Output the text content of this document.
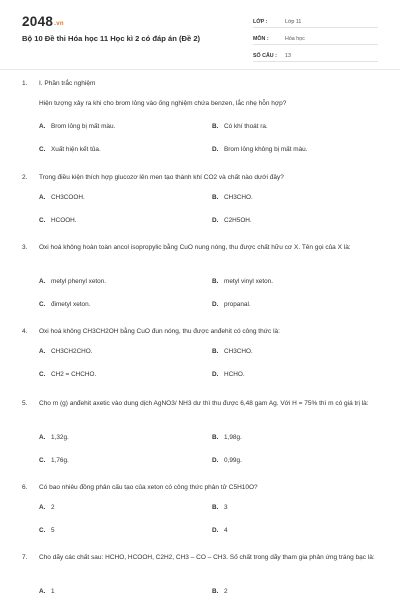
2048.vn
Bộ 10 Đề thi Hóa học 11 Học kì 2 có đáp án (Đề 2)
LỚP :	Lớp 11
MÔN :	Hóa học
SỐ CÂU :	13
1. I. Phần trắc nghiệm
Hiện tượng xảy ra khi cho brom lỏng vào ống nghiệm chứa benzen, lắc nhẹ hỗn hợp?
A. Brom lỏng bị mất màu.	B. Có khí thoát ra.
C. Xuất hiện kết tủa.	D. Brom lỏng không bị mất màu.
2. Trong điều kiện thích hợp glucozơ lên men tạo thành khí CO2 và chất nào dưới đây?
A. CH3COOH.	B. CH3CHO.
C. HCOOH.	D. C2H5OH.
3. Oxi hoá không hoàn toàn ancol isopropylic bằng CuO nung nóng, thu được chất hữu cơ X. Tên gọi của X là:
A. metyl phenyl xeton.	B. metyl vinyl xeton.
C. đimetyl xeton.	D. propanal.
4. Oxi hoá không CH3CH2OH bằng CuO đun nóng, thu được anđehit có công thức là:
A. CH3CH2CHO.	B. CH3CHO.
C. CH2 = CHCHO.	D. HCHO.
5. Cho m (g) anđehit axetic vào dung dịch AgNO3/ NH3 dư thì thu được 6,48 gam Ag. Với H = 75% thì m có giá trị là:
A. 1,32g.	B. 1,98g.
C. 1,76g.	D. 0,99g.
6. Có bao nhiêu đồng phân cấu tạo của xeton có công thức phân tử C5H10O?
A. 2	B. 3
C. 5	D. 4
7. Cho dãy các chất sau: HCHO, HCOOH, C2H2, CH3 – CO – CH3. Số chất trong dãy tham gia phản ứng tráng bạc là:
A. 1	B. 2
